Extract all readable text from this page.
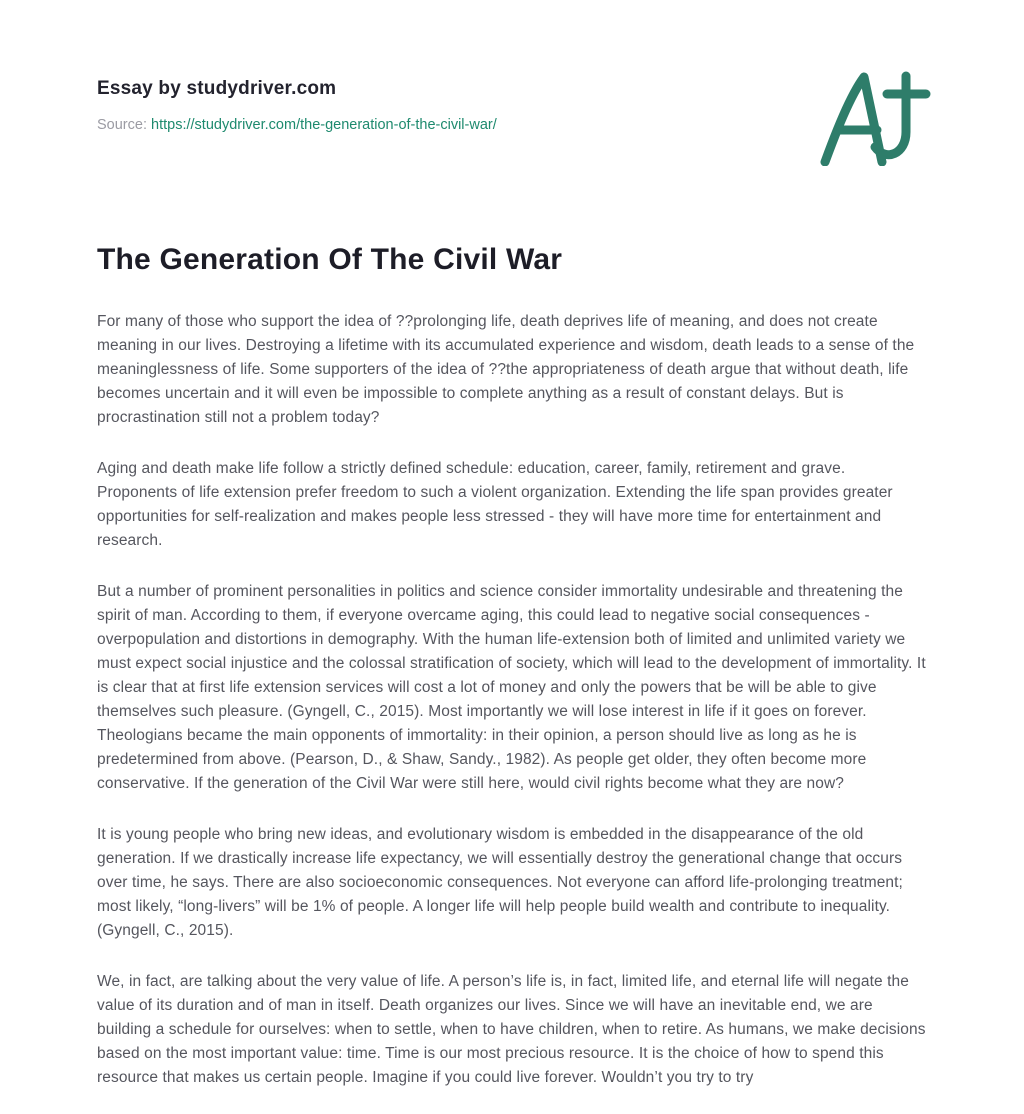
Essay by studydriver.com
Source: https://studydriver.com/the-generation-of-the-civil-war/
The Generation Of The Civil War

For many of those who support the idea of ??prolonging life, death deprives life of meaning, and does not create meaning in our lives. Destroying a lifetime with its accumulated experience and wisdom, death leads to a sense of the meaninglessness of life. Some supporters of the idea of ??the appropriateness of death argue that without death, life becomes uncertain and it will even be impossible to complete anything as a result of constant delays. But is procrastination still not a problem today?

Aging and death make life follow a strictly defined schedule: education, career, family, retirement and grave. Proponents of life extension prefer freedom to such a violent organization. Extending the life span provides greater opportunities for self-realization and makes people less stressed - they will have more time for entertainment and research.

But a number of prominent personalities in politics and science consider immortality undesirable and threatening the spirit of man. According to them, if everyone overcame aging, this could lead to negative social consequences - overpopulation and distortions in demography. With the human life-extension both of limited and unlimited variety we must expect social injustice and the colossal stratification of society, which will lead to the development of immortality. It is clear that at first life extension services will cost a lot of money and only the powers that be will be able to give themselves such pleasure. (Gyngell, C., 2015). Most importantly we will lose interest in life if it goes on forever. Theologians became the main opponents of immortality: in their opinion, a person should live as long as he is predetermined from above. (Pearson, D., & Shaw, Sandy., 1982). As people get older, they often become more conservative. If the generation of the Civil War were still here, would civil rights become what they are now?

It is young people who bring new ideas, and evolutionary wisdom is embedded in the disappearance of the old generation. If we drastically increase life expectancy, we will essentially destroy the generational change that occurs over time, he says. There are also socioeconomic consequences. Not everyone can afford life-prolonging treatment; most likely, “long-livers” will be 1% of people. A longer life will help people build wealth and contribute to inequality. (Gyngell, C., 2015).

We, in fact, are talking about the very value of life. A person’s life is, in fact, limited life, and eternal life will negate the value of its duration and of man in itself. Death organizes our lives. Since we will have an inevitable end, we are building a schedule for ourselves: when to settle, when to have children, when to retire. As humans, we make decisions based on the most important value: time. Time is our most precious resource. It is the choice of how to spend this resource that makes us certain people. Imagine if you could live forever. Wouldn’t you try to try
